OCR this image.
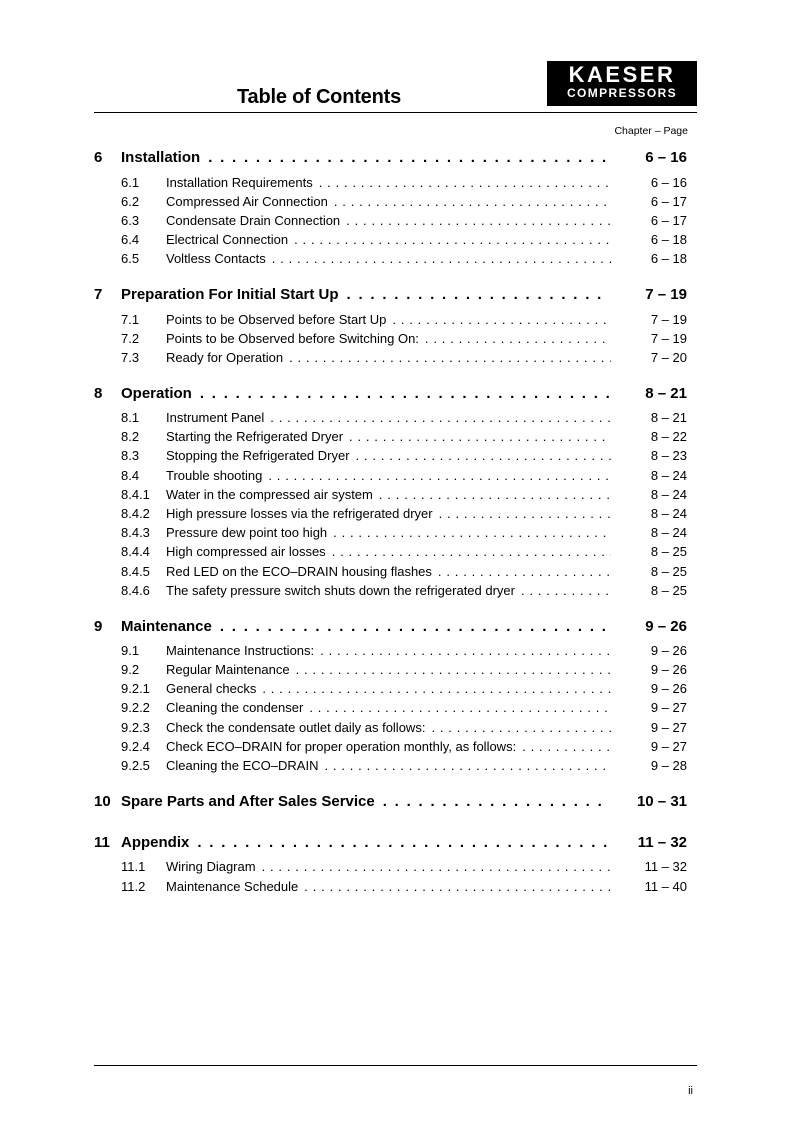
Table of Contents
KAESER
COMPRESSORS
Chapter – Page
6 Installation . . .	6 – 16
6.1 Installation Requirements . . .	6 – 16
6.2 Compressed Air Connection . . .	6 – 17
6.3 Condensate Drain Connection . . .	6 – 17
6.4 Electrical Connection . . .	6 – 18
6.5 Voltless Contacts . . .	6 – 18
7 Preparation For Initial Start Up . . .	7 – 19
7.1 Points to be Observed before Start Up . . .	7 – 19
7.2 Points to be Observed before Switching On: . . .	7 – 19
7.3 Ready for Operation . . .	7 – 20
8 Operation . . .	8 – 21
8.1 Instrument Panel . . .	8 – 21
8.2 Starting the Refrigerated Dryer . . .	8 – 22
8.3 Stopping the Refrigerated Dryer . . .	8 – 23
8.4 Trouble shooting . . .	8 – 24
8.4.1 Water in the compressed air system . . .	8 – 24
8.4.2 High pressure losses via the refrigerated dryer . . .	8 – 24
8.4.3 Pressure dew point too high . . .	8 – 24
8.4.4 High compressed air losses . . .	8 – 25
8.4.5 Red LED on the ECO–DRAIN housing flashes . . .	8 – 25
8.4.6 The safety pressure switch shuts down the refrigerated dryer . . .	8 – 25
9 Maintenance . . .	9 – 26
9.1 Maintenance Instructions: . . .	9 – 26
9.2 Regular Maintenance . . .	9 – 26
9.2.1 General checks . . .	9 – 26
9.2.2 Cleaning the condenser . . .	9 – 27
9.2.3 Check the condensate outlet daily as follows: . . .	9 – 27
9.2.4 Check ECO–DRAIN for proper operation monthly, as follows: . . .	9 – 27
9.2.5 Cleaning the ECO–DRAIN . . .	9 – 28
10 Spare Parts and After Sales Service . . .	10 – 31
11 Appendix . . .	11 – 32
11.1 Wiring Diagram . . .	11 – 32
11.2 Maintenance Schedule . . .	11 – 40
ii
